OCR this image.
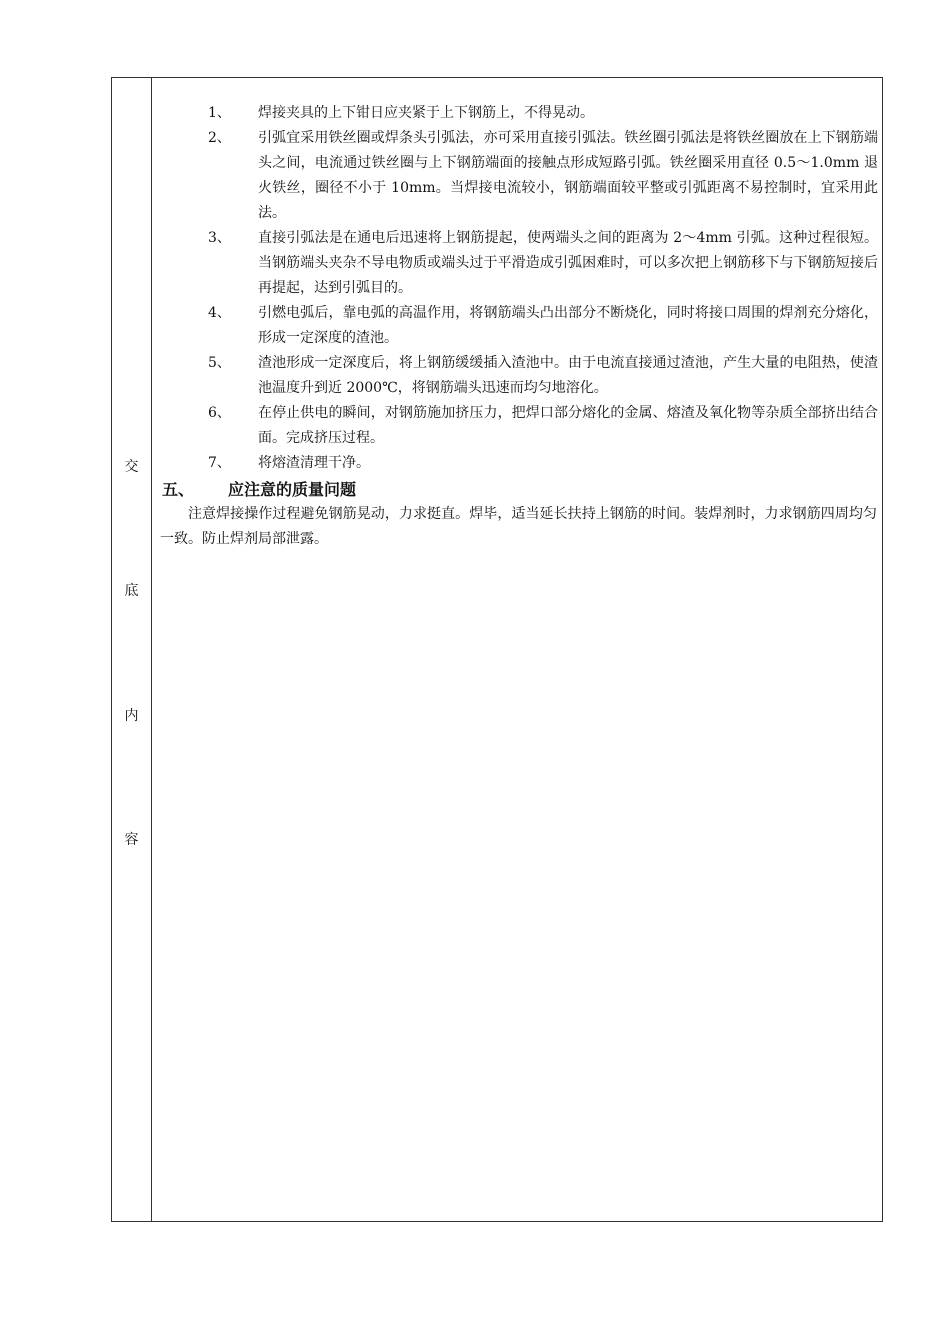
交
底
内
容
1、	焊接夹具的上下钳日应夹紧于上下钢筋上，不得晃动。
2、	引弧宜采用铁丝圈或焊条头引弧法，亦可采用直接引弧法。铁丝圈引弧法是将铁丝圈放在上下钢筋端头之间，电流通过铁丝圈与上下钢筋端面的接触点形成短路引弧。铁丝圈采用直径 0.5～1.0mm 退火铁丝，圈径不小于 10mm。当焊接电流较小，钢筋端面较平整或引弧距离不易控制时，宜采用此法。
3、	直接引弧法是在通电后迅速将上钢筋提起，使两端头之间的距离为 2～4mm 引弧。这种过程很短。当钢筋端头夹杂不导电物质或端头过于平滑造成引弧困难时，可以多次把上钢筋移下与下钢筋短接后再提起，达到引弧目的。
4、	引燃电弧后，靠电弧的高温作用，将钢筋端头凸出部分不断烧化，同时将接口周围的焊剂充分熔化，形成一定深度的渣池。
5、	渣池形成一定深度后，将上钢筋缓缓插入渣池中。由于电流直接通过渣池，产生大量的电阻热，使渣池温度升到近 2000℃，将钢筋端头迅速而均匀地溶化。
6、	在停止供电的瞬间，对钢筋施加挤压力，把焊口部分熔化的金属、熔渣及氧化物等杂质全部挤出结合面。完成挤压过程。
7、	将熔渣清理干净。
五、	应注意的质量问题
注意焊接操作过程避免钢筋晃动，力求挺直。焊毕，适当延长扶持上钢筋的时间。装焊剂时，力求钢筋四周均匀一致。防止焊剂局部泄露。
